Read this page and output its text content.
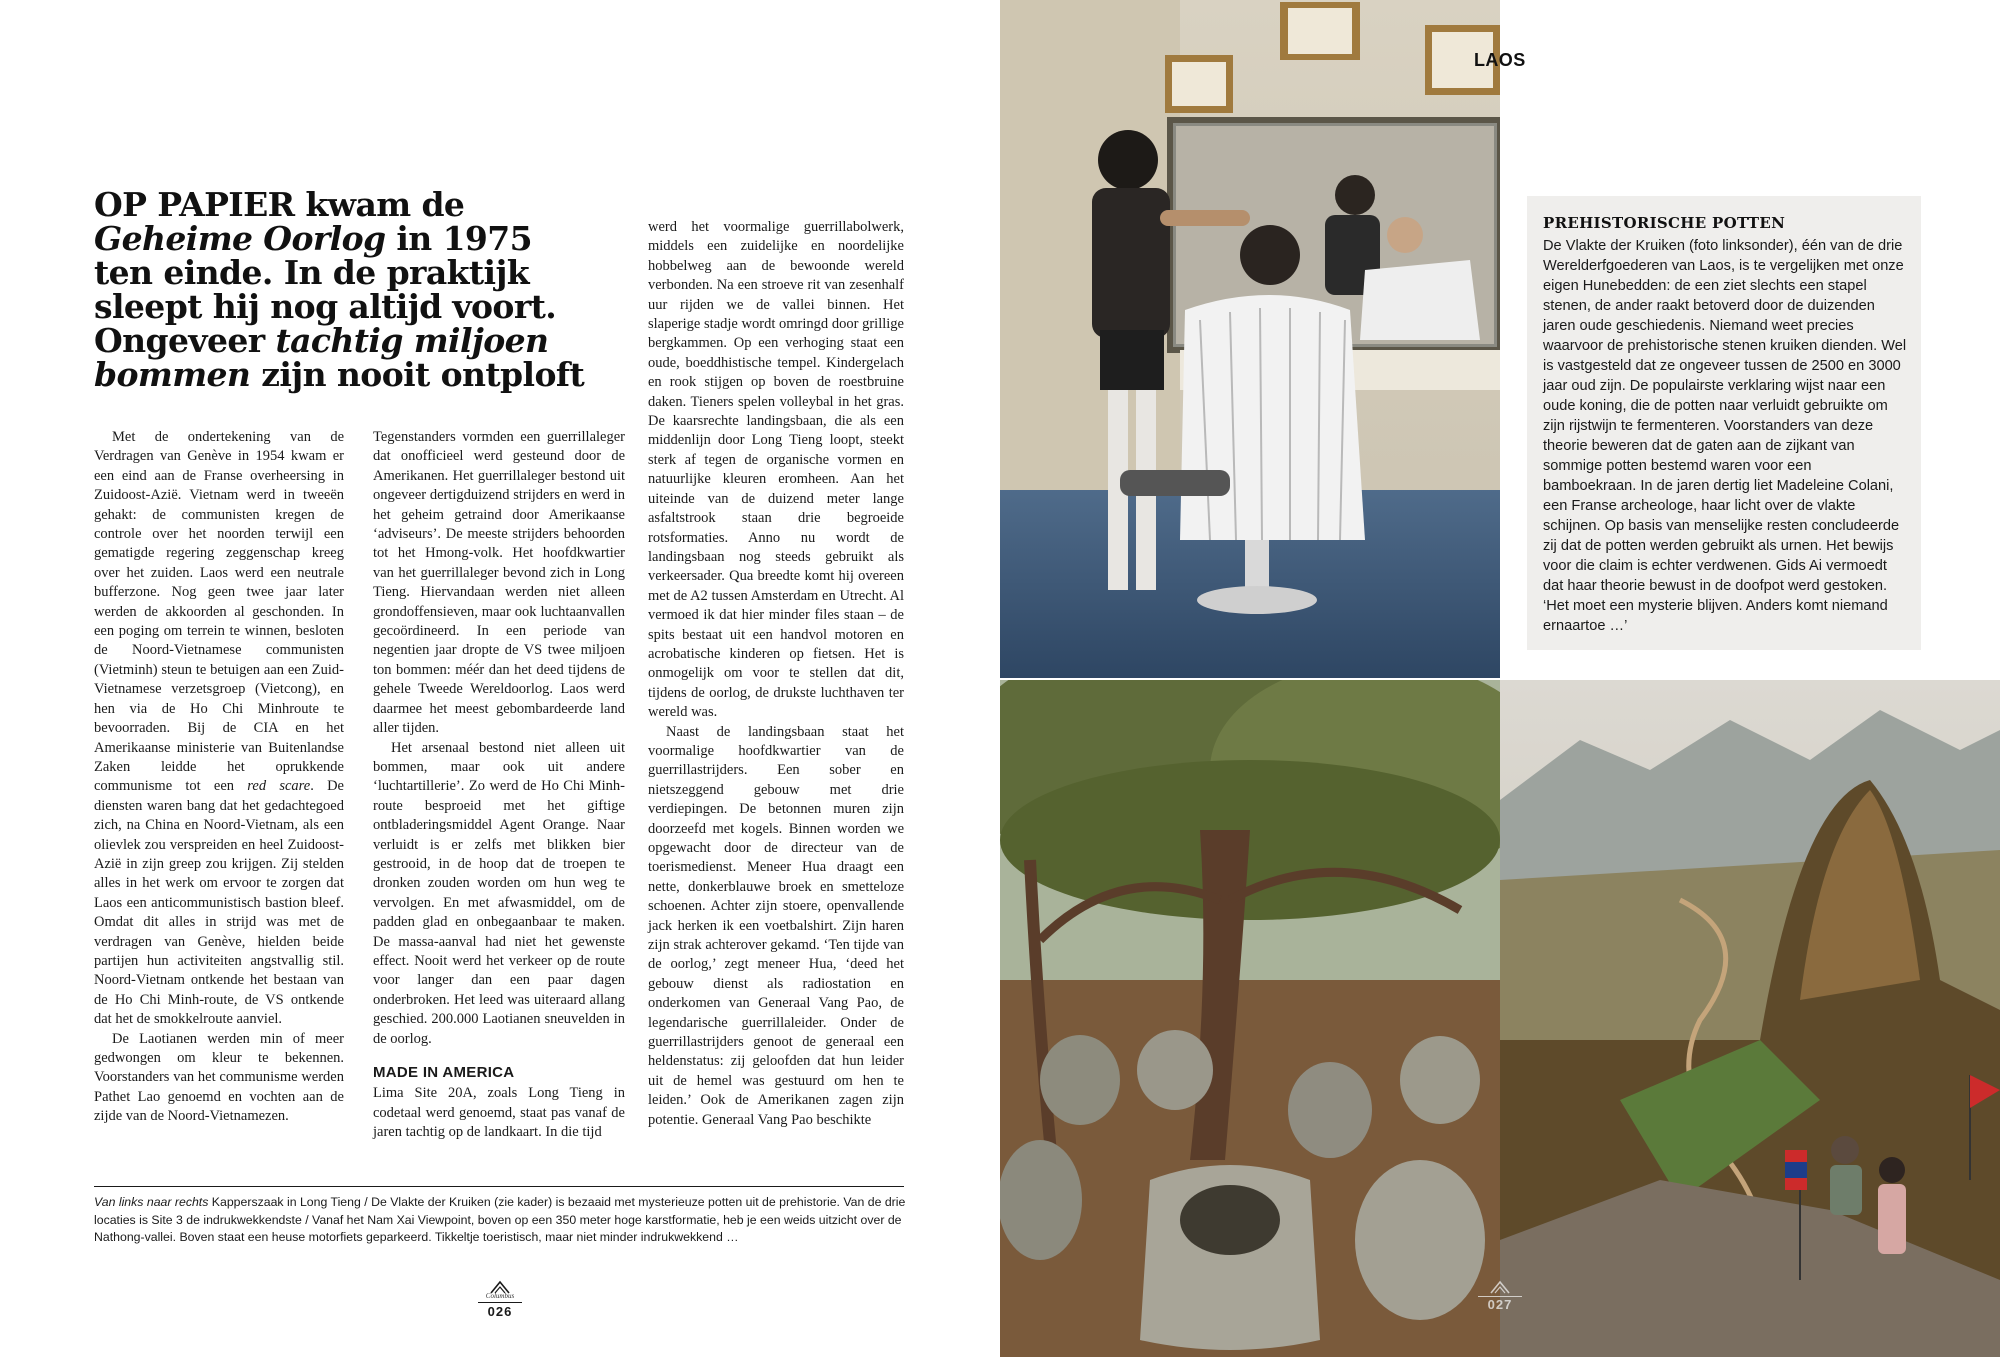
OP PAPIER kwam de Geheime Oorlog in 1975 ten einde. In de praktijk sleept hij nog altijd voort. Ongeveer tachtig miljoen bommen zijn nooit ontploft

Met de ondertekening van de Verdragen van Genève in 1954 kwam er een eind aan de Franse overheersing in Zuidoost-Azië. Vietnam werd in tweeën gehakt: de communisten kregen de controle over het noorden terwijl een gematigde regering zeggenschap kreeg over het zuiden. Laos werd een neutrale bufferzone. Nog geen twee jaar later werden de akkoorden al geschonden. In een poging om terrein te winnen, besloten de Noord-Vietnamese communisten (Vietminh) steun te betuigen aan een Zuid-Vietnamese verzetsgroep (Vietcong), en hen via de Ho Chi Minhroute te bevoorraden. Bij de CIA en het Amerikaanse ministerie van Buitenlandse Zaken leidde het oprukkende communisme tot een red scare. De diensten waren bang dat het gedachtegoed zich, na China en Noord-Vietnam, als een olievlek zou verspreiden en heel Zuidoost-Azië in zijn greep zou krijgen. Zij stelden alles in het werk om ervoor te zorgen dat Laos een anticommunistisch bastion bleef. Omdat dit alles in strijd was met de verdragen van Genève, hielden beide partijen hun activiteiten angstvallig stil. Noord-Vietnam ontkende het bestaan van de Ho Chi Minh-route, de VS ontkende dat het de smokkelroute aanviel.

De Laotianen werden min of meer gedwongen om kleur te bekennen. Voorstanders van het communisme werden Pathet Lao genoemd en vochten aan de zijde van de Noord-Vietnamezen.

Tegenstanders vormden een guerrillaleger dat onofficieel werd gesteund door de Amerikanen. Het guerrillaleger bestond uit ongeveer dertigduizend strijders en werd in het geheim getraind door Amerikaanse ‘adviseurs’. De meeste strijders behoorden tot het Hmong-volk. Het hoofdkwartier van het guerrillaleger bevond zich in Long Tieng. Hiervandaan werden niet alleen grondoffensieven, maar ook luchtaanvallen gecoördineerd. In een periode van negentien jaar dropte de VS twee miljoen ton bommen: méér dan het deed tijdens de gehele Tweede Wereldoorlog. Laos werd daarmee het meest gebombardeerde land aller tijden.

Het arsenaal bestond niet alleen uit bommen, maar ook uit andere ‘luchtartillerie’. Zo werd de Ho Chi Minh-route besproeid met het giftige ontbladeringsmiddel Agent Orange. Naar verluidt is er zelfs met blikken bier gestrooid, in de hoop dat de troepen te dronken zouden worden om hun weg te vervolgen. En met afwasmiddel, om de padden glad en onbegaanbaar te maken. De massa-aanval had niet het gewenste effect. Nooit werd het verkeer op de route voor langer dan een paar dagen onderbroken. Het leed was uiteraard allang geschied. 200.000 Laotianen sneuvelden in de oorlog.

MADE IN AMERICA

Lima Site 20A, zoals Long Tieng in codetaal werd genoemd, staat pas vanaf de jaren tachtig op de landkaart. In die tijd

werd het voormalige guerrillabolwerk, middels een zuidelijke en noordelijke hobbelweg aan de bewoonde wereld verbonden. Na een stroeve rit van zesenhalf uur rijden we de vallei binnen. Het slaperige stadje wordt omringd door grillige bergkammen. Op een verhoging staat een oude, boeddhistische tempel. Kindergelach en rook stijgen op boven de roestbruine daken. Tieners spelen volleybal in het gras. De kaarsrechte landingsbaan, die als een middenlijn door Long Tieng loopt, steekt sterk af tegen de organische vormen en natuurlijke kleuren eromheen. Aan het uiteinde van de duizend meter lange asfaltstrook staan drie begroeide rotsformaties. Anno nu wordt de landingsbaan nog steeds gebruikt als verkeersader. Qua breedte komt hij overeen met de A2 tussen Amsterdam en Utrecht. Al vermoed ik dat hier minder files staan – de spits bestaat uit een handvol motoren en acrobatische kinderen op fietsen. Het is onmogelijk om voor te stellen dat dit, tijdens de oorlog, de drukste luchthaven ter wereld was.

Naast de landingsbaan staat het voormalige hoofdkwartier van de guerrillastrijders. Een sober en nietszeggend gebouw met drie verdiepingen. De betonnen muren zijn doorzeefd met kogels. Binnen worden we opgewacht door de directeur van de toerismedienst. Meneer Hua draagt een nette, donkerblauwe broek en smetteloze schoenen. Achter zijn stoere, openvallende jack herken ik een voetbalshirt. Zijn haren zijn strak achterover gekamd. ‘Ten tijde van de oorlog,’ zegt meneer Hua, ‘deed het gebouw dienst als radiostation en onderkomen van Generaal Vang Pao, de legendarische guerrillaleider. Onder de guerrillastrijders genoot de generaal een heldenstatus: zij geloofden dat hun leider uit de hemel was gestuurd om hen te leiden.’ Ook de Amerikanen zagen zijn potentie. Generaal Vang Pao beschikte

Van links naar rechts Kapperszaak in Long Tieng / De Vlakte der Kruiken (zie kader) is bezaaid met mysterieuze potten uit de prehistorie. Van de drie locaties is Site 3 de indrukwekkendste / Vanaf het Nam Xai Viewpoint, boven op een 350 meter hoge karstformatie, heb je een weids uitzicht over de Nathong-vallei. Boven staat een heuse motorfiets geparkeerd. Tikkeltje toeristisch, maar niet minder indrukwekkend …
Columbus
026
LAOS
PREHISTORISCHE POTTEN
De Vlakte der Kruiken (foto linksonder), één van de drie Werelderfgoederen van Laos, is te vergelijken met onze eigen Hunebedden: de een ziet slechts een stapel stenen, de ander raakt betoverd door de duizenden jaren oude geschiedenis. Niemand weet precies waarvoor de prehistorische stenen kruiken dienden. Wel is vastgesteld dat ze ongeveer tussen de 2500 en 3000 jaar oud zijn. De populairste verklaring wijst naar een oude koning, die de potten naar verluidt gebruikte om zijn rijstwijn te fermenteren. Voorstanders van deze theorie beweren dat de gaten aan de zijkant van sommige potten bestemd waren voor een bamboekraan. In de jaren dertig liet Madeleine Colani, een Franse archeologe, haar licht over de vlakte schijnen. Op basis van menselijke resten concludeerde zij dat de potten werden gebruikt als urnen. Het bewijs voor die claim is echter verdwenen. Gids Ai vermoedt dat haar theorie bewust in de doofpot werd gestoken. ‘Het moet een mysterie blijven. Anders komt niemand ernaartoe …’
027
